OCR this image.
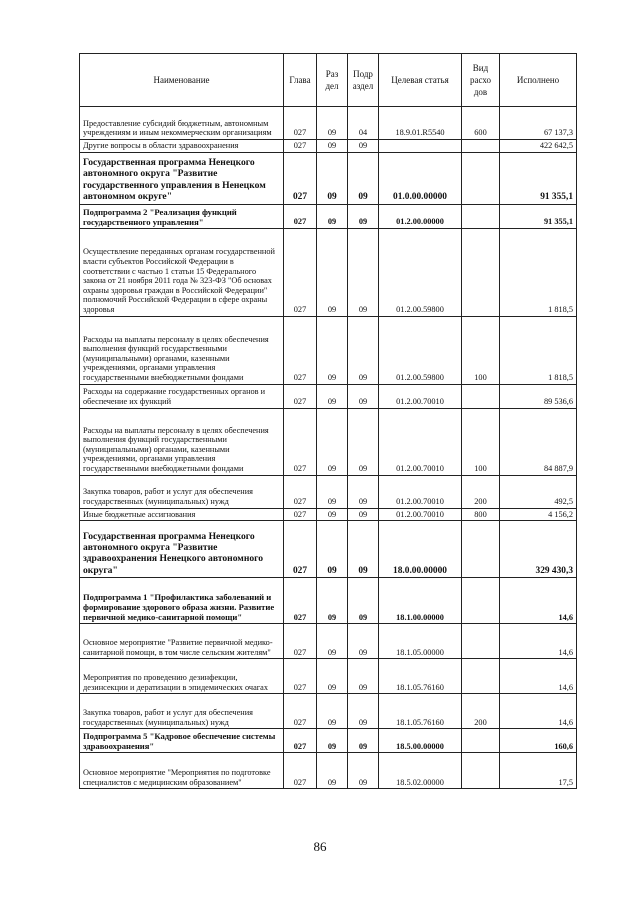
Наименование	Глава	Раз дел	Подр аздел	Целевая статья	Вид расхо дов	Исполнено
Предоставление субсидий бюджетным, автономным учреждениям и иным некоммерческим организациям	027	09	04	18.9.01.R5540	600	67 137,3
Другие вопросы в области здравоохранения	027	09	09			422 642,5
Государственная программа Ненецкого автономного округа "Развитие государственного управления в Ненецком автономном округе"	027	09	09	01.0.00.00000		91 355,1
Подпрограмма 2 "Реализация функций государственного управления"	027	09	09	01.2.00.00000		91 355,1
Осуществление переданных органам государственной власти субъектов Российской Федерации в соответствии с частью 1 статьи 15 Федерального закона от 21 ноября 2011 года № 323-ФЗ "Об основах охраны здоровья граждан в Российской Федерации" полномочий Российской Федерации в сфере охраны здоровья	027	09	09	01.2.00.59800		1 818,5
Расходы на выплаты персоналу в целях обеспечения выполнения функций государственными (муниципальными) органами, казенными учреждениями, органами управления государственными внебюджетными фондами	027	09	09	01.2.00.59800	100	1 818,5
Расходы на содержание государственных органов и обеспечение их функций	027	09	09	01.2.00.70010		89 536,6
Расходы на выплаты персоналу в целях обеспечения выполнения функций государственными (муниципальными) органами, казенными учреждениями, органами управления государственными внебюджетными фондами	027	09	09	01.2.00.70010	100	84 887,9
Закупка товаров, работ и услуг для обеспечения государственных (муниципальных) нужд	027	09	09	01.2.00.70010	200	492,5
Иные бюджетные ассигнования	027	09	09	01.2.00.70010	800	4 156,2
Государственная программа Ненецкого автономного округа "Развитие здравоохранения Ненецкого автономного округа"	027	09	09	18.0.00.00000		329 430,3
Подпрограмма 1 "Профилактика заболеваний и формирование здорового образа жизни. Развитие первичной медико-санитарной помощи"	027	09	09	18.1.00.00000		14,6
Основное мероприятие "Развитие первичной медико-санитарной помощи, в том числе сельским жителям"	027	09	09	18.1.05.00000		14,6
Мероприятия по проведению дезинфекции, дезинсекции и дератизации в эпидемических очагах	027	09	09	18.1.05.76160		14,6
Закупка товаров, работ и услуг для обеспечения государственных (муниципальных) нужд	027	09	09	18.1.05.76160	200	14,6
Подпрограмма 5 "Кадровое обеспечение системы здравоохранения"	027	09	09	18.5.00.00000		160,6
Основное мероприятие "Мероприятия по подготовке специалистов с медицинским образованием"	027	09	09	18.5.02.00000		17,5
86
